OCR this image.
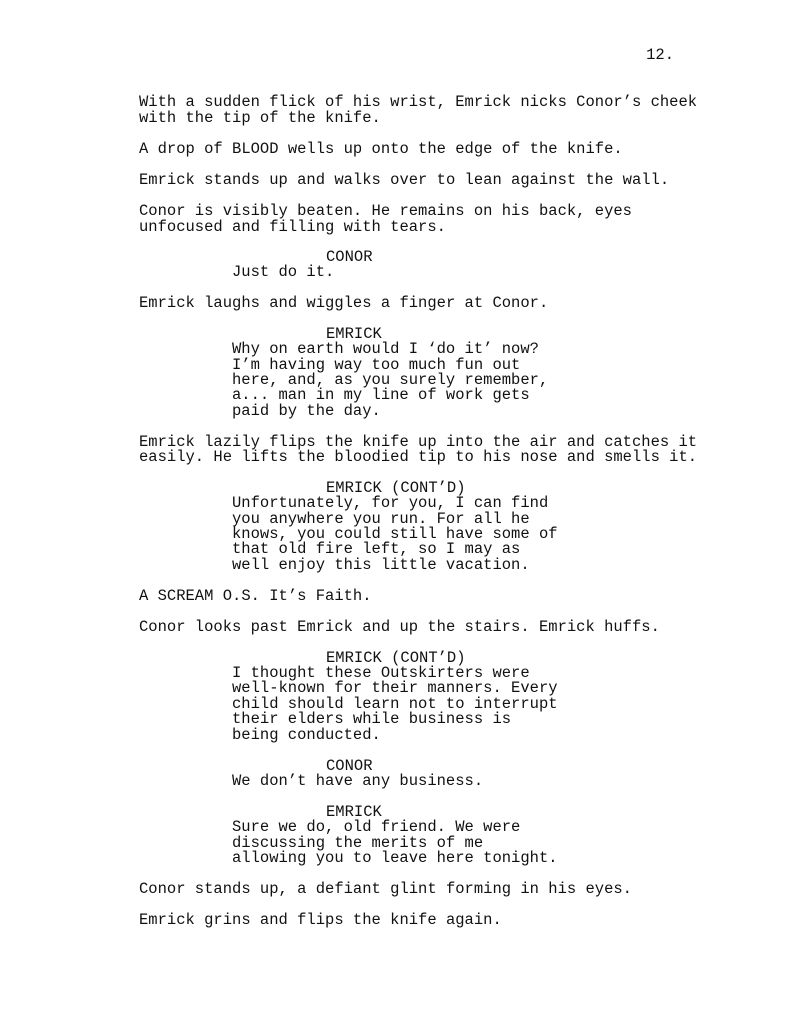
12.
With a sudden flick of his wrist, Emrick nicks Conor’s cheek
with the tip of the knife.
A drop of BLOOD wells up onto the edge of the knife.
Emrick stands up and walks over to lean against the wall.
Conor is visibly beaten. He remains on his back, eyes
unfocused and filling with tears.
CONOR
Just do it.
Emrick laughs and wiggles a finger at Conor.
EMRICK
Why on earth would I ‘do it’ now?
I’m having way too much fun out
here, and, as you surely remember,
a... man in my line of work gets
paid by the day.
Emrick lazily flips the knife up into the air and catches it
easily. He lifts the bloodied tip to his nose and smells it.
EMRICK (CONT’D)
Unfortunately, for you, I can find
you anywhere you run. For all he
knows, you could still have some of
that old fire left, so I may as
well enjoy this little vacation.
A SCREAM O.S. It’s Faith.
Conor looks past Emrick and up the stairs. Emrick huffs.
EMRICK (CONT’D)
I thought these Outskirters were
well-known for their manners. Every
child should learn not to interrupt
their elders while business is
being conducted.
CONOR
We don’t have any business.
EMRICK
Sure we do, old friend. We were
discussing the merits of me
allowing you to leave here tonight.
Conor stands up, a defiant glint forming in his eyes.
Emrick grins and flips the knife again.
